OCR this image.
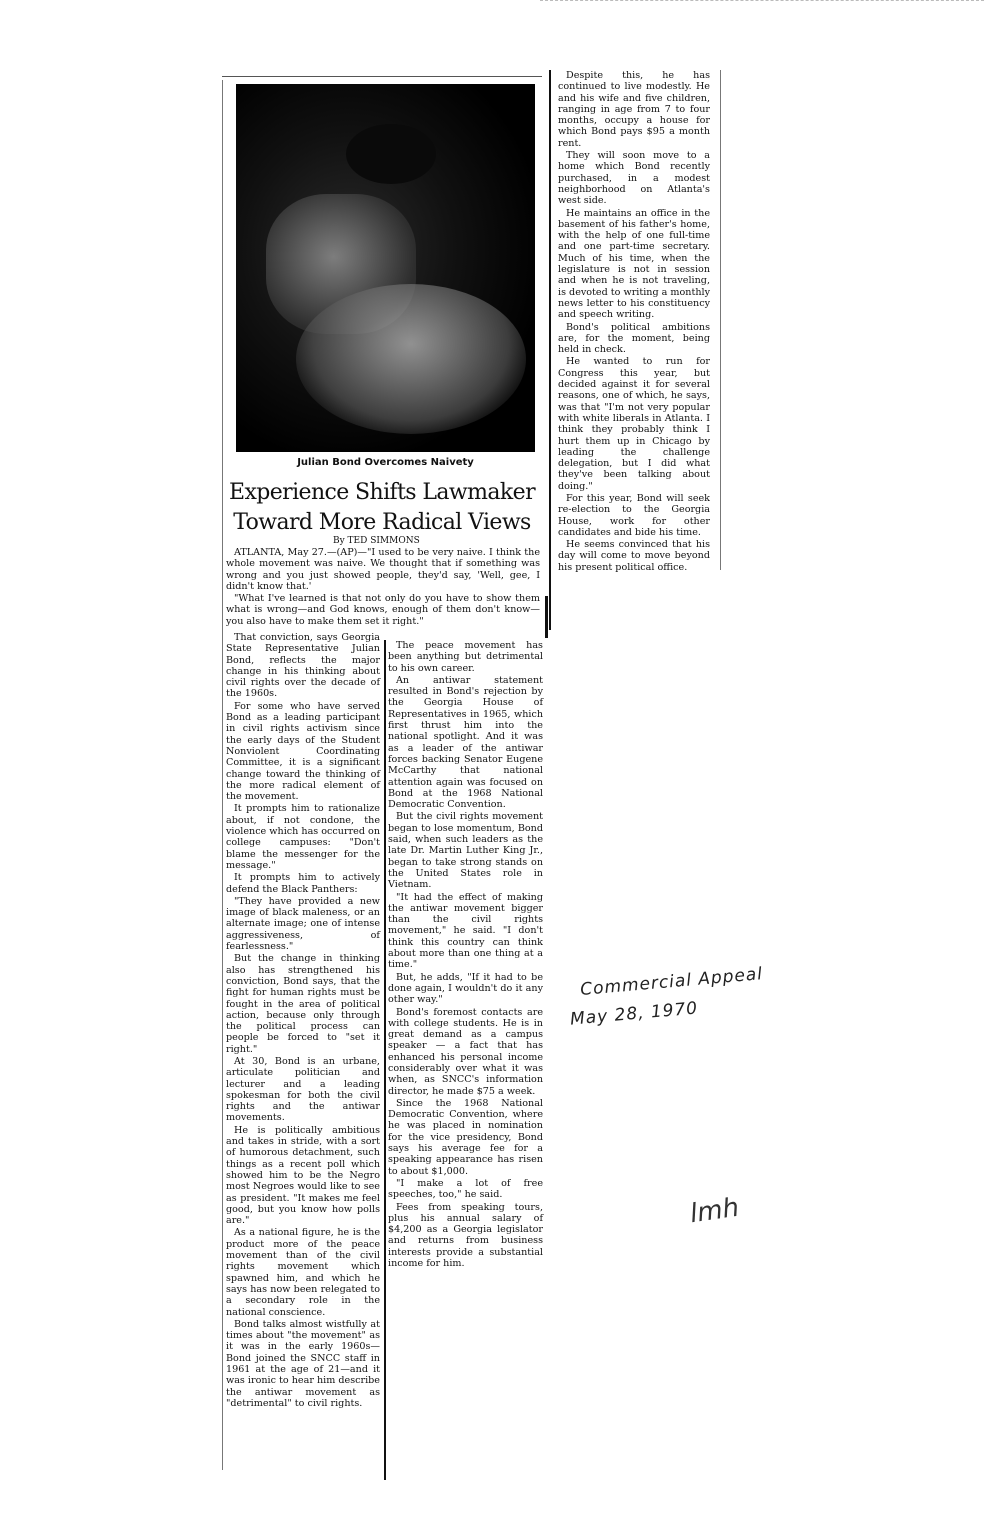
Julian Bond Overcomes Naivety
Experience Shifts Lawmaker
Toward More Radical Views
By TED SIMMONS

ATLANTA, May 27.—(AP)—"I used to be very naive. I think the whole movement was naive. We thought that if something was wrong and you just showed people, they'd say, 'Well, gee, I didn't know that.'

"What I've learned is that not only do you have to show them what is wrong—and God knows, enough of them don't know—you also have to make them set it right."

That conviction, says Georgia State Representative Julian Bond, reflects the major change in his thinking about civil rights over the decade of the 1960s.

For some who have served Bond as a leading participant in civil rights activism since the early days of the Student Nonviolent Coordinating Committee, it is a significant change toward the thinking of the more radical element of the movement.

It prompts him to rationalize about, if not condone, the violence which has occurred on college campuses: "Don't blame the messenger for the message."

It prompts him to actively defend the Black Panthers:

"They have provided a new image of black maleness, or an alternate image; one of intense aggressiveness, of fearlessness."

But the change in thinking also has strengthened his conviction, Bond says, that the fight for human rights must be fought in the area of political action, because only through the political process can people be forced to "set it right."

At 30, Bond is an urbane, articulate politician and lecturer and a leading spokesman for both the civil rights and the antiwar movements.

He is politically ambitious and takes in stride, with a sort of humorous detachment, such things as a recent poll which showed him to be the Negro most Negroes would like to see as president. "It makes me feel good, but you know how polls are."

As a national figure, he is the product more of the peace movement than of the civil rights movement which spawned him, and which he says has now been relegated to a secondary role in the national conscience.

Bond talks almost wistfully at times about "the movement" as it was in the early 1960s—Bond joined the SNCC staff in 1961 at the age of 21—and it was ironic to hear him describe the antiwar movement as "detrimental" to civil rights.

The peace movement has been anything but detrimental to his own career.

An antiwar statement resulted in Bond's rejection by the Georgia House of Representatives in 1965, which first thrust him into the national spotlight. And it was as a leader of the antiwar forces backing Senator Eugene McCarthy that national attention again was focused on Bond at the 1968 National Democratic Convention.

But the civil rights movement began to lose momentum, Bond said, when such leaders as the late Dr. Martin Luther King Jr., began to take strong stands on the United States role in Vietnam.

"It had the effect of making the antiwar movement bigger than the civil rights movement," he said. "I don't think this country can think about more than one thing at a time."

But, he adds, "If it had to be done again, I wouldn't do it any other way."

Bond's foremost contacts are with college students. He is in great demand as a campus speaker — a fact that has enhanced his personal income considerably over what it was when, as SNCC's information director, he made $75 a week.

Since the 1968 National Democratic Convention, where he was placed in nomination for the vice presidency, Bond says his average fee for a speaking appearance has risen to about $1,000.

"I make a lot of free speeches, too," he said.

Fees from speaking tours, plus his annual salary of $4,200 as a Georgia legislator and returns from business interests provide a substantial income for him.

Despite this, he has continued to live modestly. He and his wife and five children, ranging in age from 7 to four months, occupy a house for which Bond pays $95 a month rent.

They will soon move to a home which Bond recently purchased, in a modest neighborhood on Atlanta's west side.

He maintains an office in the basement of his father's home, with the help of one full-time and one part-time secretary. Much of his time, when the legislature is not in session and when he is not traveling, is devoted to writing a monthly news letter to his constituency and speech writing.

Bond's political ambitions are, for the moment, being held in check.

He wanted to run for Congress this year, but decided against it for several reasons, one of which, he says, was that "I'm not very popular with white liberals in Atlanta. I think they probably think I hurt them up in Chicago by leading the challenge delegation, but I did what they've been talking about doing."

For this year, Bond will seek re-election to the Georgia House, work for other candidates and bide his time.

He seems convinced that his day will come to move beyond his present political office.

Commercial Appeal
May 28, 1970
lmh
